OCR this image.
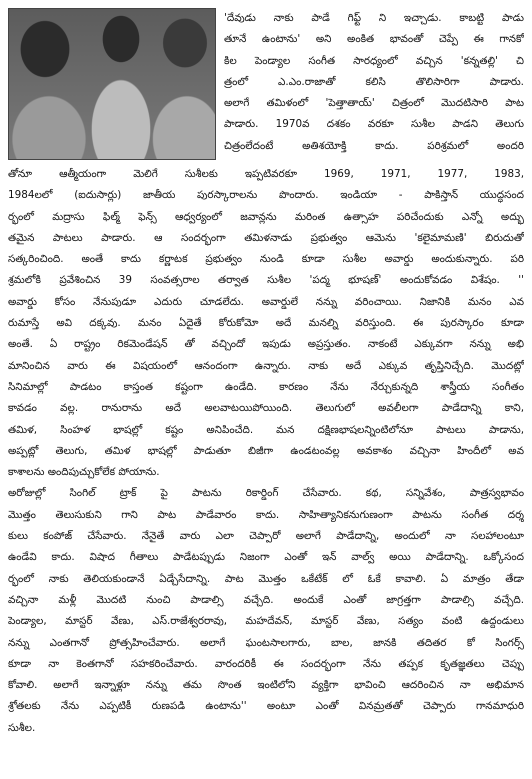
'దేవుడు నాకు పాడే గిఫ్ట్ ని ఇచ్చాడు. కాబట్టి పాడు
తూనే ఉంటాను' అని అంకిత భావంతో చెప్పే ఈ గానకో
కిల పెండ్యాల సంగీత సారధ్యంలో వచ్చిన 'కన్నతల్లి' చి
త్రంలో ఎ.ఎం.రాజాతో కలిసి తొలిసారిగా పాడారు.
అలాగే తమిళంలో 'పెత్తాతాయ్' చిత్రంలో మొదటిసారి పాట
పాడారు. 1970వ దశకం వరకూ సుశీల పాడని తెలుగు
చిత్రంలేదంటే అతిశయోక్తి కాదు. పరిశ్రమలో అందరి
తోనూ ఆత్మీయంగా మెలిగే సుశీలకు ఇప్పటివరకూ 1969, 1971, 1977, 1983,
1984లలో (ఐదుసార్లు) జాతీయ పురస్కారాలను పొందారు. ఇండియా - పాకిస్తాన్ యుద్ధసంద
ర్భంలో మద్రాసు ఫిల్మ్ ఫెన్స్ ఆధ్వర్యంలో జవాన్లను మరింత ఉత్సాహ పరిచేందుకు ఎన్నో అద్భు
తమైన పాటలు పాడారు. ఆ సందర్భంగా తమిళనాడు ప్రభుత్వం ఆమెను 'కలైమామణి' బిరుదుతో
సత్కరించింది. అంతే కాదు కర్ణాటక ప్రభుత్వం నుండి కూడా సుశీల అవార్డు అందుకున్నారు. పరి
శ్రమలోకి ప్రవేశించిన 39 సంవత్సరాల తర్వాత సుశీల 'పద్మ భూషణ్' అందుకోవడం విశేషం. ''
అవార్డు కోసం నేనుపుడూ ఎదురు చూడలేదు. అవార్డులే నన్ను వరించాయి. నిజానికి మనం ఎవ
రుమాస్తే అవి దక్కవు. మనం ఏదైతే కోరుకోమో అదే మనల్ని వరిస్తుంది. ఈ పురస్కారం కూడా
అంతే. ఏ రాష్ట్రం రికమెండేషన్ తో వచ్చిందో ఇపుడు అప్రస్తుతం. నాకంటే ఎక్కువగా నన్ను అభి
మానించిన వారు ఈ విషయంలో ఆనందంగా ఉన్నారు. నాకు అదే ఎక్కువ తృప్తినిచ్చేది. మొదట్లో
సినిమాల్లో పాడటం కాస్తంత కష్టంగా ఉండేది. కారణం నేను నేర్చుకున్నది శాస్త్రీయ సంగీతం
కావడం వల్ల. రానురాను అదే అలవాటయిపోయింది. తెలుగులో అవలీలగా పాడేదాన్ని కాని,
తమిళ, సింహళ భాషల్లో కష్టం అనిపించేది. మన దక్షిణభాషలన్నింటిలోనూ పాటలు పాడాను,
అప్పట్లో తెలుగు, తమిళ భాషల్లో పాడుతూ బిజీగా ఉండటంవల్ల అవకాశం వచ్చినా హిందీలో అవ
కాశాలను అందిపుచ్చుకోలేక పోయాను.
అరోజుల్లో సింగిల్ ట్రాక్ పై పాటను రికార్డింగ్ చేసేవారు. కథ, సన్నివేశం, పాత్రస్వభావం
మొత్తం తెలుసుకుని గాని పాట పాడేవారం కాదు. సాహిత్యానికనుగుణంగా పాటను సంగీత దర్శ
కులు కంపోజ్ చేసేవారు. నేనైతే వారు ఎలా చెప్పారో అలాగే పాడేదాన్ని, అందులో నా సలహాలంటూ
ఉండేవి కాదు. విషాద గీతాలు పాడేటప్పుడు నిజంగా ఎంతో ఇన్ వాల్వ్ అయి పాడేదాన్ని. ఒక్కోసంద
ర్భంలో నాకు తెలియకుండానే ఏడ్చేసేదాన్ని. పాట మొత్తం ఒకేటేక్ లో ఓకే కావాలి. ఏ మాత్రం తేడా
వచ్చినా మళ్లీ మొదటి నుంచి పాడాల్సి వచ్చేది. అందుకే ఎంతో జాగ్రత్తగా పాడాల్సి వచ్చేది.
పెండ్యాల, మాస్టర్ వేణు, ఎస్.రాజేశ్వరరావు, మహదేవన్, మాస్టర్ వేణు, సత్యం వంటి ఉద్దండులు
నన్ను ఎంతగానో ప్రోత్సహించేవారు. అలాగే ఘంటసాలగారు, బాల, జానకి తదితర కో సింగర్స్
కూడా నా కెంతగానో సహకరించేవారు. వారందరికీ ఈ సందర్భంగా నేను తప్పక కృతజ్ఞతలు చెప్పు
కోవాలి. అలాగే ఇన్నాళ్లూ నన్ను తమ సొంత ఇంటిలోని వ్యక్తిగా భావించి ఆదరించిన నా అభిమాన
శ్రోతలకు నేను ఎప్పటికీ రుణపడి ఉంటాను'' అంటూ ఎంతో వినమ్రతతో చెప్పారు గానమాధురి
సుశీల.
